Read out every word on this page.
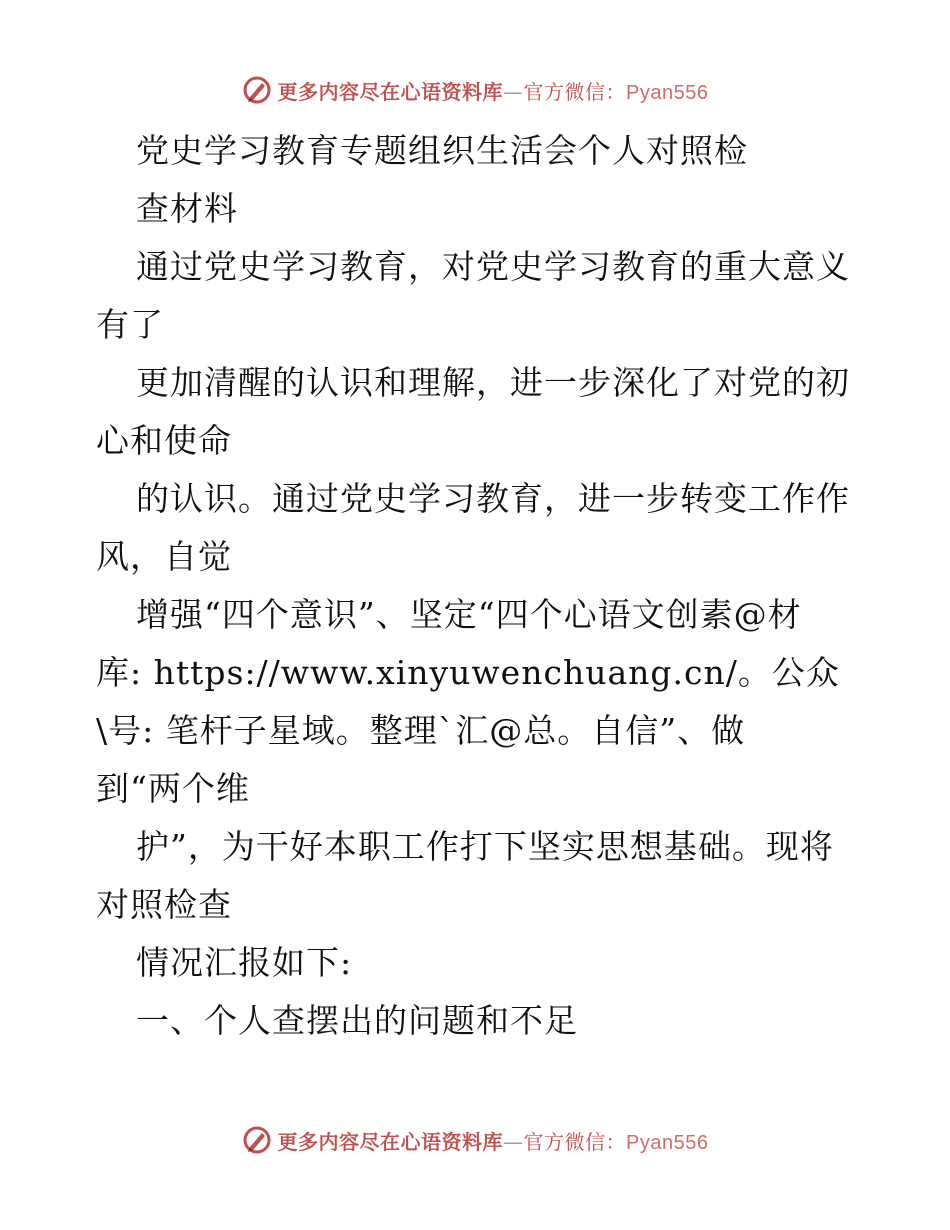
更多内容尽在心语资料库—官方微信：Pyan556
党史学习教育专题组织生活会个人对照检
查材料
通过党史学习教育，对党史学习教育的重大意义
有了
更加清醒的认识和理解，进一步深化了对党的初
心和使命
的认识。通过党史学习教育，进一步转变工作作
风，自觉
增强“四个意识”、坚定“四个心语文创素@材
库: https://www.xinyuwenchuang.cn/。公众
\号: 笔杆子星域。整理`汇@总。自信”、做
到“两个维
护”，为干好本职工作打下坚实思想基础。现将
对照检查
情况汇报如下:
一、个人查摆出的问题和不足
更多内容尽在心语资料库—官方微信：Pyan556
